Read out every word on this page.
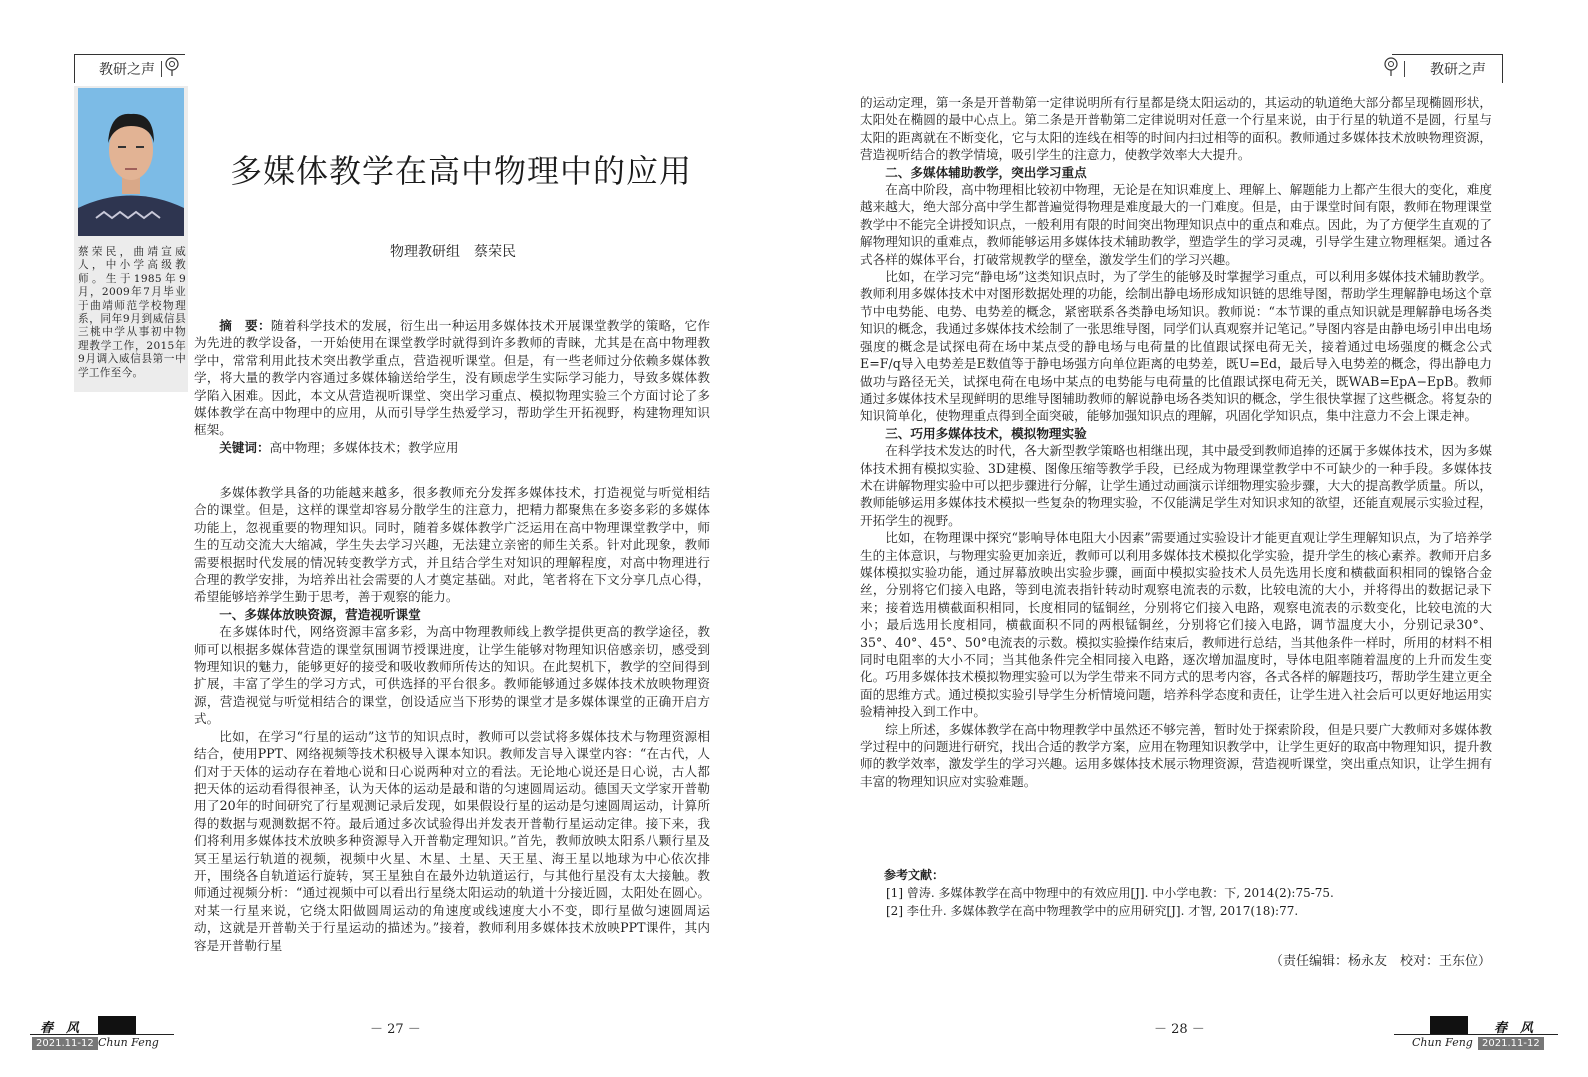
教研之声	教研之声
蔡荣民，曲靖宣威人，中小学高级教师。生于1985年9月，2009年7月毕业于曲靖师范学校物理系，同年9月到威信县三桃中学从事初中物理教学工作，2015年9月调入威信县第一中学工作至今。
多媒体教学在高中物理中的应用
物理教研组　蔡荣民

摘　要：随着科学技术的发展，衍生出一种运用多媒体技术开展课堂教学的策略，它作为先进的教学设备，一开始使用在课堂教学时就得到许多教师的青睐，尤其是在高中物理教学中，常常利用此技术突出教学重点，营造视听课堂。但是，有一些老师过分依赖多媒体教学，将大量的教学内容通过多媒体输送给学生，没有顾虑学生实际学习能力，导致多媒体教学陷入困难。因此，本文从营造视听课堂、突出学习重点、模拟物理实验三个方面讨论了多媒体教学在高中物理中的应用，从而引导学生热爱学习，帮助学生开拓视野，构建物理知识框架。

关键词：高中物理；多媒体技术；教学应用

多媒体教学具备的功能越来越多，很多教师充分发挥多媒体技术，打造视觉与听觉相结合的课堂。但是，这样的课堂却容易分散学生的注意力，把精力都聚焦在多姿多彩的多媒体功能上，忽视重要的物理知识。同时，随着多媒体教学广泛运用在高中物理课堂教学中，师生的互动交流大大缩减，学生失去学习兴趣，无法建立亲密的师生关系。针对此现象，教师需要根据时代发展的情况转变教学方式，并且结合学生对知识的理解程度，对高中物理进行合理的教学安排，为培养出社会需要的人才奠定基础。对此，笔者将在下文分享几点心得，希望能够培养学生勤于思考，善于观察的能力。

一、多媒体放映资源，营造视听课堂

在多媒体时代，网络资源丰富多彩，为高中物理教师线上教学提供更高的教学途径，教师可以根据多媒体营造的课堂氛围调节授课进度，让学生能够对物理知识倍感亲切，感受到物理知识的魅力，能够更好的接受和吸收教师所传达的知识。在此契机下，教学的空间得到扩展，丰富了学生的学习方式，可供选择的平台很多。教师能够通过多媒体技术放映物理资源，营造视觉与听觉相结合的课堂，创设适应当下形势的课堂才是多媒体课堂的正确开启方式。

比如，在学习“行星的运动”这节的知识点时，教师可以尝试将多媒体技术与物理资源相结合，使用PPT、网络视频等技术积极导入课本知识。教师发言导入课堂内容：“在古代，人们对于天体的运动存在着地心说和日心说两种对立的看法。无论地心说还是日心说，古人都把天体的运动看得很神圣，认为天体的运动是最和谐的匀速圆周运动。德国天文学家开普勒用了20年的时间研究了行星观测记录后发现，如果假设行星的运动是匀速圆周运动，计算所得的数据与观测数据不符。最后通过多次试验得出并发表开普勒行星运动定律。接下来，我们将利用多媒体技术放映多种资源导入开普勒定理知识。”首先，教师放映太阳系八颗行星及冥王星运行轨道的视频，视频中火星、木星、土星、天王星、海王星以地球为中心依次排开，围绕各自轨道运行旋转，冥王星独自在最外边轨道运行，与其他行星没有太大接触。教师通过视频分析：“通过视频中可以看出行星绕太阳运动的轨道十分接近圆，太阳处在圆心。对某一行星来说，它绕太阳做圆周运动的角速度或线速度大小不变，即行星做匀速圆周运动，这就是开普勒关于行星运动的描述为。”接着，教师利用多媒体技术放映PPT课件，其内容是开普勒行星

的运动定理，第一条是开普勒第一定律说明所有行星都是绕太阳运动的，其运动的轨道绝大部分都呈现椭圆形状，太阳处在椭圆的最中心点上。第二条是开普勒第二定律说明对任意一个行星来说，由于行星的轨道不是圆，行星与太阳的距离就在不断变化，它与太阳的连线在相等的时间内扫过相等的面积。教师通过多媒体技术放映物理资源，营造视听结合的教学情境，吸引学生的注意力，使教学效率大大提升。

二、多媒体辅助教学，突出学习重点

在高中阶段，高中物理相比较初中物理，无论是在知识难度上、理解上、解题能力上都产生很大的变化，难度越来越大，绝大部分高中学生都普遍觉得物理是难度最大的一门难度。但是，由于课堂时间有限，教师在物理课堂教学中不能完全讲授知识点，一般利用有限的时间突出物理知识点中的重点和难点。因此，为了方便学生直观的了解物理知识的重难点，教师能够运用多媒体技术辅助教学，塑造学生的学习灵魂，引导学生建立物理框架。通过各式各样的媒体平台，打破常规教学的壁垒，激发学生们的学习兴趣。

比如，在学习完“静电场”这类知识点时，为了学生的能够及时掌握学习重点，可以利用多媒体技术辅助教学。教师利用多媒体技术中对图形数据处理的功能，绘制出静电场形成知识链的思维导图，帮助学生理解静电场这个章节中电势能、电势、电势差的概念，紧密联系各类静电场知识。教师说：“本节课的重点知识就是理解静电场各类知识的概念，我通过多媒体技术绘制了一张思维导图，同学们认真观察并记笔记。”导图内容是由静电场引申出电场强度的概念是试探电荷在场中某点受的静电场与电荷量的比值跟试探电荷无关，接着通过电场强度的概念公式E=F/q导入电势差是E数值等于静电场强方向单位距离的电势差，既U=Ed，最后导入电势差的概念，得出静电力做功与路径无关，试探电荷在电场中某点的电势能与电荷量的比值跟试探电荷无关，既WAB=EpA−EpB。教师通过多媒体技术呈现鲜明的思维导图辅助教师的解说静电场各类知识的概念，学生很快掌握了这些概念。将复杂的知识简单化，使物理重点得到全面突破，能够加强知识点的理解，巩固化学知识点，集中注意力不会上课走神。

三、巧用多媒体技术，模拟物理实验

在科学技术发达的时代，各大新型教学策略也相继出现，其中最受到教师追捧的还属于多媒体技术，因为多媒体技术拥有模拟实验、3D建模、图像压缩等教学手段，已经成为物理课堂教学中不可缺少的一种手段。多媒体技术在讲解物理实验中可以把步骤进行分解，让学生通过动画演示详细物理实验步骤，大大的提高教学质量。所以，教师能够运用多媒体技术模拟一些复杂的物理实验，不仅能满足学生对知识求知的欲望，还能直观展示实验过程，开拓学生的视野。

比如，在物理课中探究“影响导体电阻大小因素”需要通过实验设计才能更直观让学生理解知识点，为了培养学生的主体意识，与物理实验更加亲近，教师可以利用多媒体技术模拟化学实验，提升学生的核心素养。教师开启多媒体模拟实验功能，通过屏幕放映出实验步骤，画面中模拟实验技术人员先选用长度和横截面积相同的镍铬合金丝，分别将它们接入电路，等到电流表指针转动时观察电流表的示数，比较电流的大小，并将得出的数据记录下来；接着选用横截面积相同，长度相同的锰铜丝，分别将它们接入电路，观察电流表的示数变化，比较电流的大小；最后选用长度相同，横截面积不同的两根锰铜丝，分别将它们接入电路，调节温度大小，分别记录30°、35°、40°、45°、50°电流表的示数。模拟实验操作结束后，教师进行总结，当其他条件一样时，所用的材料不相同时电阻率的大小不同；当其他条件完全相同接入电路，逐次增加温度时，导体电阻率随着温度的上升而发生变化。巧用多媒体技术模拟物理实验可以为学生带来不同方式的思考内容，各式各样的解题技巧，帮助学生建立更全面的思维方式。通过模拟实验引导学生分析情境问题，培养科学态度和责任，让学生进入社会后可以更好地运用实验精神投入到工作中。

综上所述，多媒体教学在高中物理教学中虽然还不够完善，暂时处于探索阶段，但是只要广大教师对多媒体教学过程中的问题进行研究，找出合适的教学方案，应用在物理知识教学中，让学生更好的取高中物理知识，提升教师的教学效率，激发学生的学习兴趣。运用多媒体技术展示物理资源，营造视听课堂，突出重点知识，让学生拥有丰富的物理知识应对实验难题。

参考文献：

[1] 曾涛. 多媒体教学在高中物理中的有效应用[J]. 中小学电教：下, 2014(2):75-75.

[2] 李仕升. 多媒体教学在高中物理教学中的应用研究[J]. 才智, 2017(18):77.

（责任编辑：杨永友　校对：王东位）
春　风
2021.11-12 Chun Feng
－ 27 －	春　风
Chun Feng 2021.11-12
－ 28 －
